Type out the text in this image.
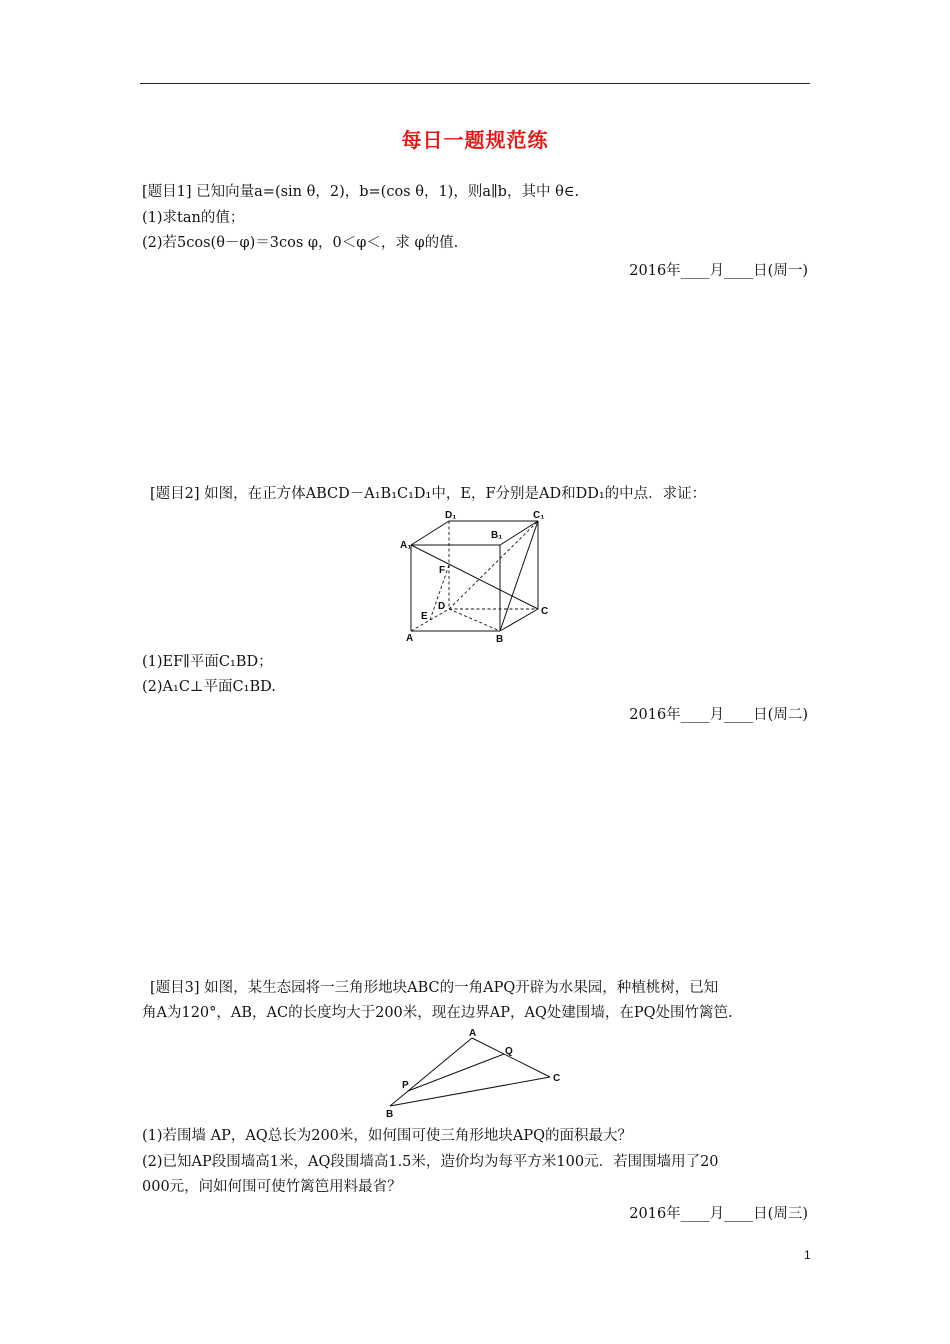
每日一题规范练
[题目1] 已知向量a=(sin θ，2)，b=(cos θ，1)，则a∥b，其中 θ∈.
(1)求tan的值；
(2)若5cos(θ－φ)＝3cos φ，0＜φ＜，求 φ的值.
2016年____月____日(周一)
[题目2] 如图，在正方体ABCD－A₁B₁C₁D₁中，E，F分别是AD和DD₁的中点．求证：
A₁
D₁
B₁
C₁
F
D
E	C
A	B
(1)EF∥平面C₁BD；
(2)A₁C⊥平面C₁BD.
2016年____月____日(周二)
[题目3] 如图，某生态园将一三角形地块ABC的一角APQ开辟为水果园，种植桃树，已知
角A为120°，AB，AC的长度均大于200米，现在边界AP，AQ处建围墙，在PQ处围竹篱笆.
A
Q
C
P
B
(1)若围墙 AP，AQ总长为200米，如何围可使三角形地块APQ的面积最大？
(2)已知AP段围墙高1米，AQ段围墙高1.5米，造价均为每平方米100元．若围围墙用了20
000元，问如何围可使竹篱笆用料最省？
2016年____月____日(周三)
1
